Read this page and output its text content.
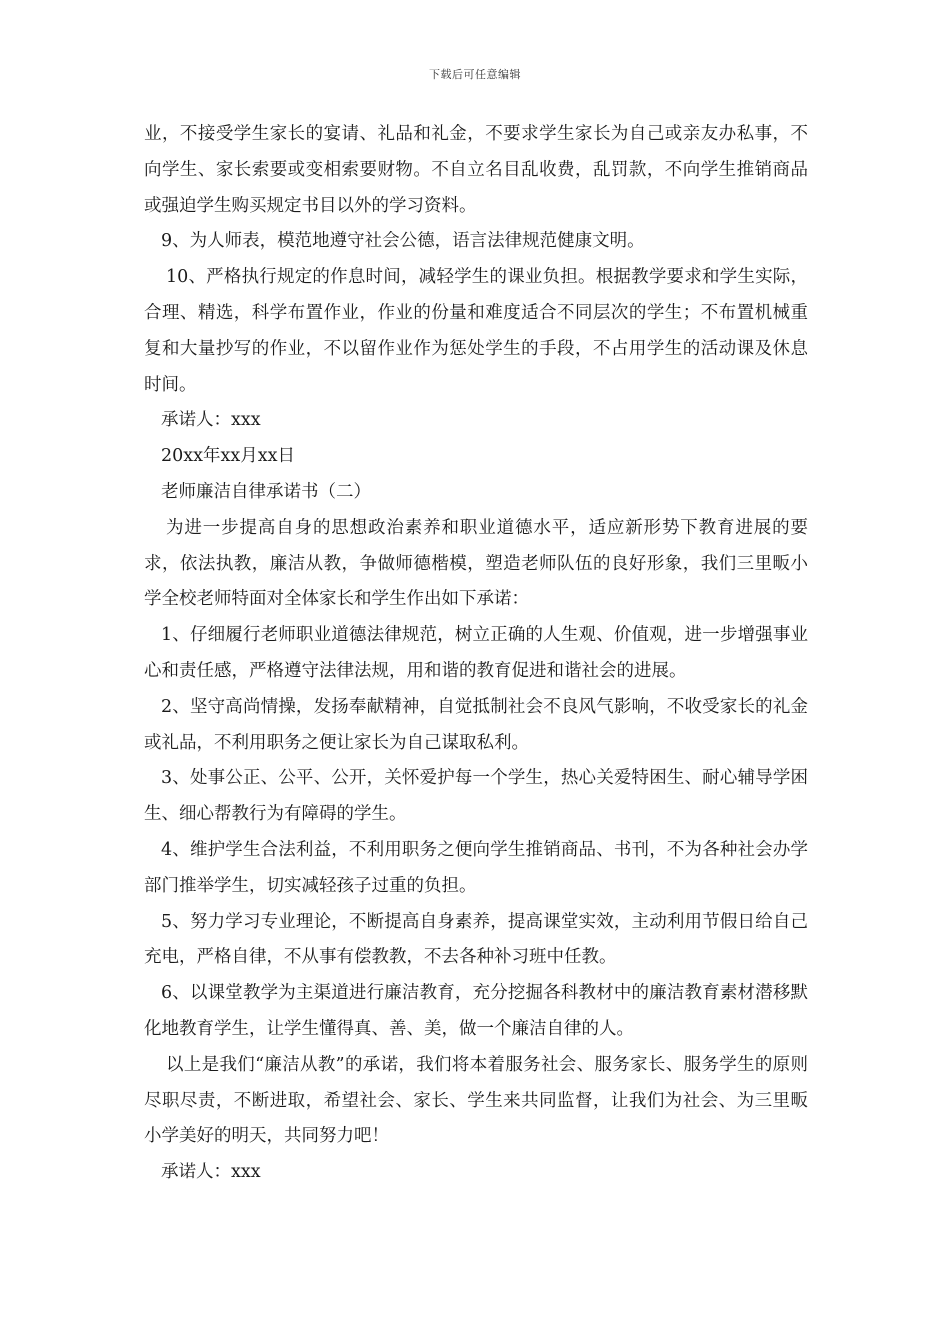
下载后可任意编辑

业，不接受学生家长的宴请、礼品和礼金，不要求学生家长为自己或亲友办私事，不向学生、家长索要或变相索要财物。不自立名目乱收费，乱罚款，不向学生推销商品或强迫学生购买规定书目以外的学习资料。

9、为人师表，模范地遵守社会公德，语言法律规范健康文明。

10、严格执行规定的作息时间，减轻学生的课业负担。根据教学要求和学生实际，合理、精选，科学布置作业，作业的份量和难度适合不同层次的学生；不布置机械重复和大量抄写的作业，不以留作业作为惩处学生的手段，不占用学生的活动课及休息时间。

承诺人：xxx

20xx年xx月xx日

老师廉洁自律承诺书（二）

为进一步提高自身的思想政治素养和职业道德水平，适应新形势下教育进展的要求，依法执教，廉洁从教，争做师德楷模，塑造老师队伍的良好形象，我们三里畈小学全校老师特面对全体家长和学生作出如下承诺：

1、仔细履行老师职业道德法律规范，树立正确的人生观、价值观，进一步增强事业心和责任感，严格遵守法律法规，用和谐的教育促进和谐社会的进展。

2、坚守高尚情操，发扬奉献精神，自觉抵制社会不良风气影响，不收受家长的礼金或礼品，不利用职务之便让家长为自己谋取私利。

3、处事公正、公平、公开，关怀爱护每一个学生，热心关爱特困生、耐心辅导学困生、细心帮教行为有障碍的学生。

4、维护学生合法利益，不利用职务之便向学生推销商品、书刊，不为各种社会办学部门推举学生，切实减轻孩子过重的负担。

5、努力学习专业理论，不断提高自身素养，提高课堂实效，主动利用节假日给自己充电，严格自律，不从事有偿教教，不去各种补习班中任教。

6、以课堂教学为主渠道进行廉洁教育，充分挖掘各科教材中的廉洁教育素材潜移默化地教育学生，让学生懂得真、善、美，做一个廉洁自律的人。

以上是我们“廉洁从教”的承诺，我们将本着服务社会、服务家长、服务学生的原则尽职尽责，不断进取，希望社会、家长、学生来共同监督，让我们为社会、为三里畈小学美好的明天，共同努力吧！

承诺人：xxx
